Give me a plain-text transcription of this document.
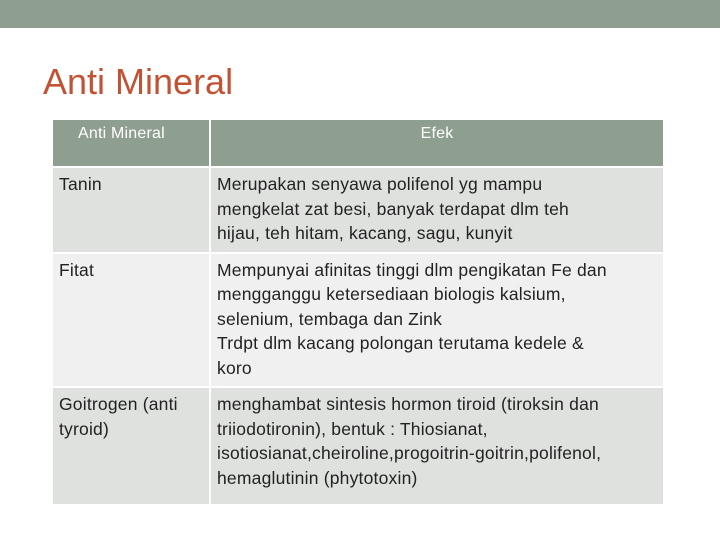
Anti Mineral
Anti Mineral	Efek
Tanin	Merupakan senyawa polifenol yg mampu
mengkelat zat besi, banyak terdapat dlm teh
hijau, teh hitam, kacang, sagu, kunyit

Fitat	Mempunyai afinitas tinggi dlm pengikatan Fe dan
mengganggu ketersediaan biologis kalsium,
selenium, tembaga dan Zink
Trdpt dlm kacang polongan terutama kedele &
koro

Goitrogen (anti
tyroid)	menghambat sintesis hormon tiroid (tiroksin dan
triiodotironin), bentuk : Thiosianat,
isotiosianat,cheiroline,progoitrin-goitrin,polifenol,
hemaglutinin (phytotoxin)
